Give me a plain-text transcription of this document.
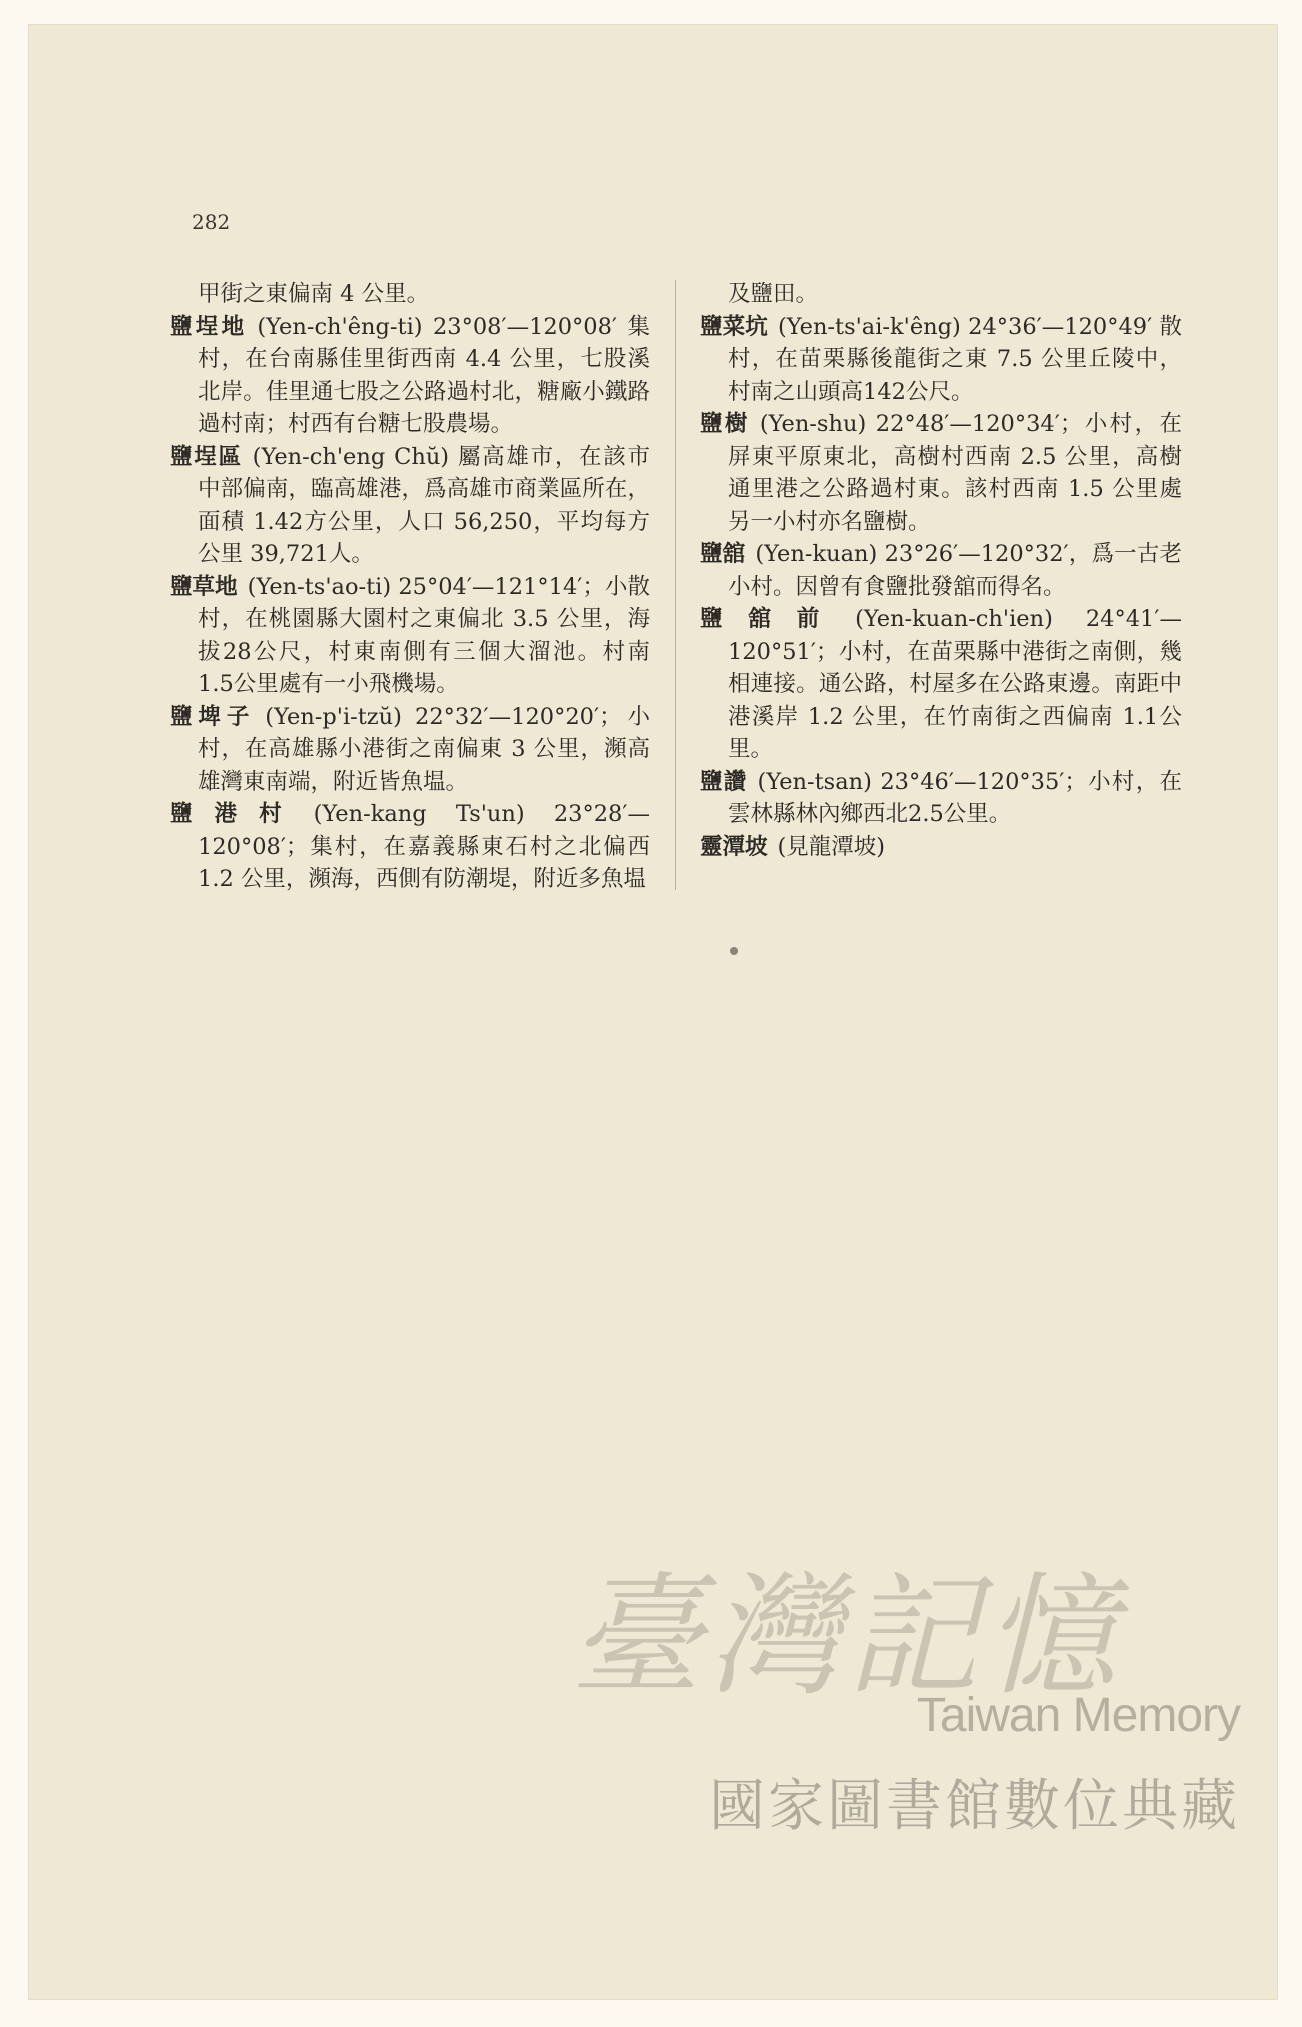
282
甲街之東偏南 4 公里。
鹽埕地 (Yen-ch'êng-ti) 23°08′—120°08′ 集村，在台南縣佳里街西南 4.4 公里，七股溪北岸。佳里通七股之公路過村北，糖廠小鐵路過村南；村西有台糖七股農場。
鹽埕區 (Yen-ch'eng Chŭ) 屬高雄市，在該市中部偏南，臨高雄港，爲高雄市商業區所在，面積 1.42方公里，人口 56,250，平均每方公里 39,721人。
鹽草地 (Yen-ts'ao-ti) 25°04′—121°14′；小散村，在桃園縣大園村之東偏北 3.5 公里，海拔28公尺，村東南側有三個大溜池。村南 1.5公里處有一小飛機場。
鹽埤子 (Yen-p'i-tzŭ) 22°32′—120°20′；小村，在高雄縣小港街之南偏東 3 公里，瀕高雄灣東南端，附近皆魚塭。
鹽港村 (Yen-kang Ts'un) 23°28′—120°08′；集村，在嘉義縣東石村之北偏西 1.2 公里，瀕海，西側有防潮堤，附近多魚塭
及鹽田。
鹽菜坑 (Yen-ts'ai-k'êng) 24°36′—120°49′ 散村，在苗栗縣後龍街之東 7.5 公里丘陵中，村南之山頭高142公尺。
鹽樹 (Yen-shu) 22°48′—120°34′；小村，在屏東平原東北，高樹村西南 2.5 公里，高樹通里港之公路過村東。該村西南 1.5 公里處另一小村亦名鹽樹。
鹽舘 (Yen-kuan) 23°26′—120°32′，爲一古老小村。因曾有食鹽批發舘而得名。
鹽舘前 (Yen-kuan-ch'ien) 24°41′—120°51′；小村，在苗栗縣中港街之南側，幾相連接。通公路，村屋多在公路東邊。南距中港溪岸 1.2 公里，在竹南街之西偏南 1.1公里。
鹽讚 (Yen-tsan) 23°46′—120°35′；小村，在雲林縣林內鄉西北2.5公里。
靈潭坡 (見龍潭坡)
臺灣記憶
Taiwan Memory
國家圖書館數位典藏
